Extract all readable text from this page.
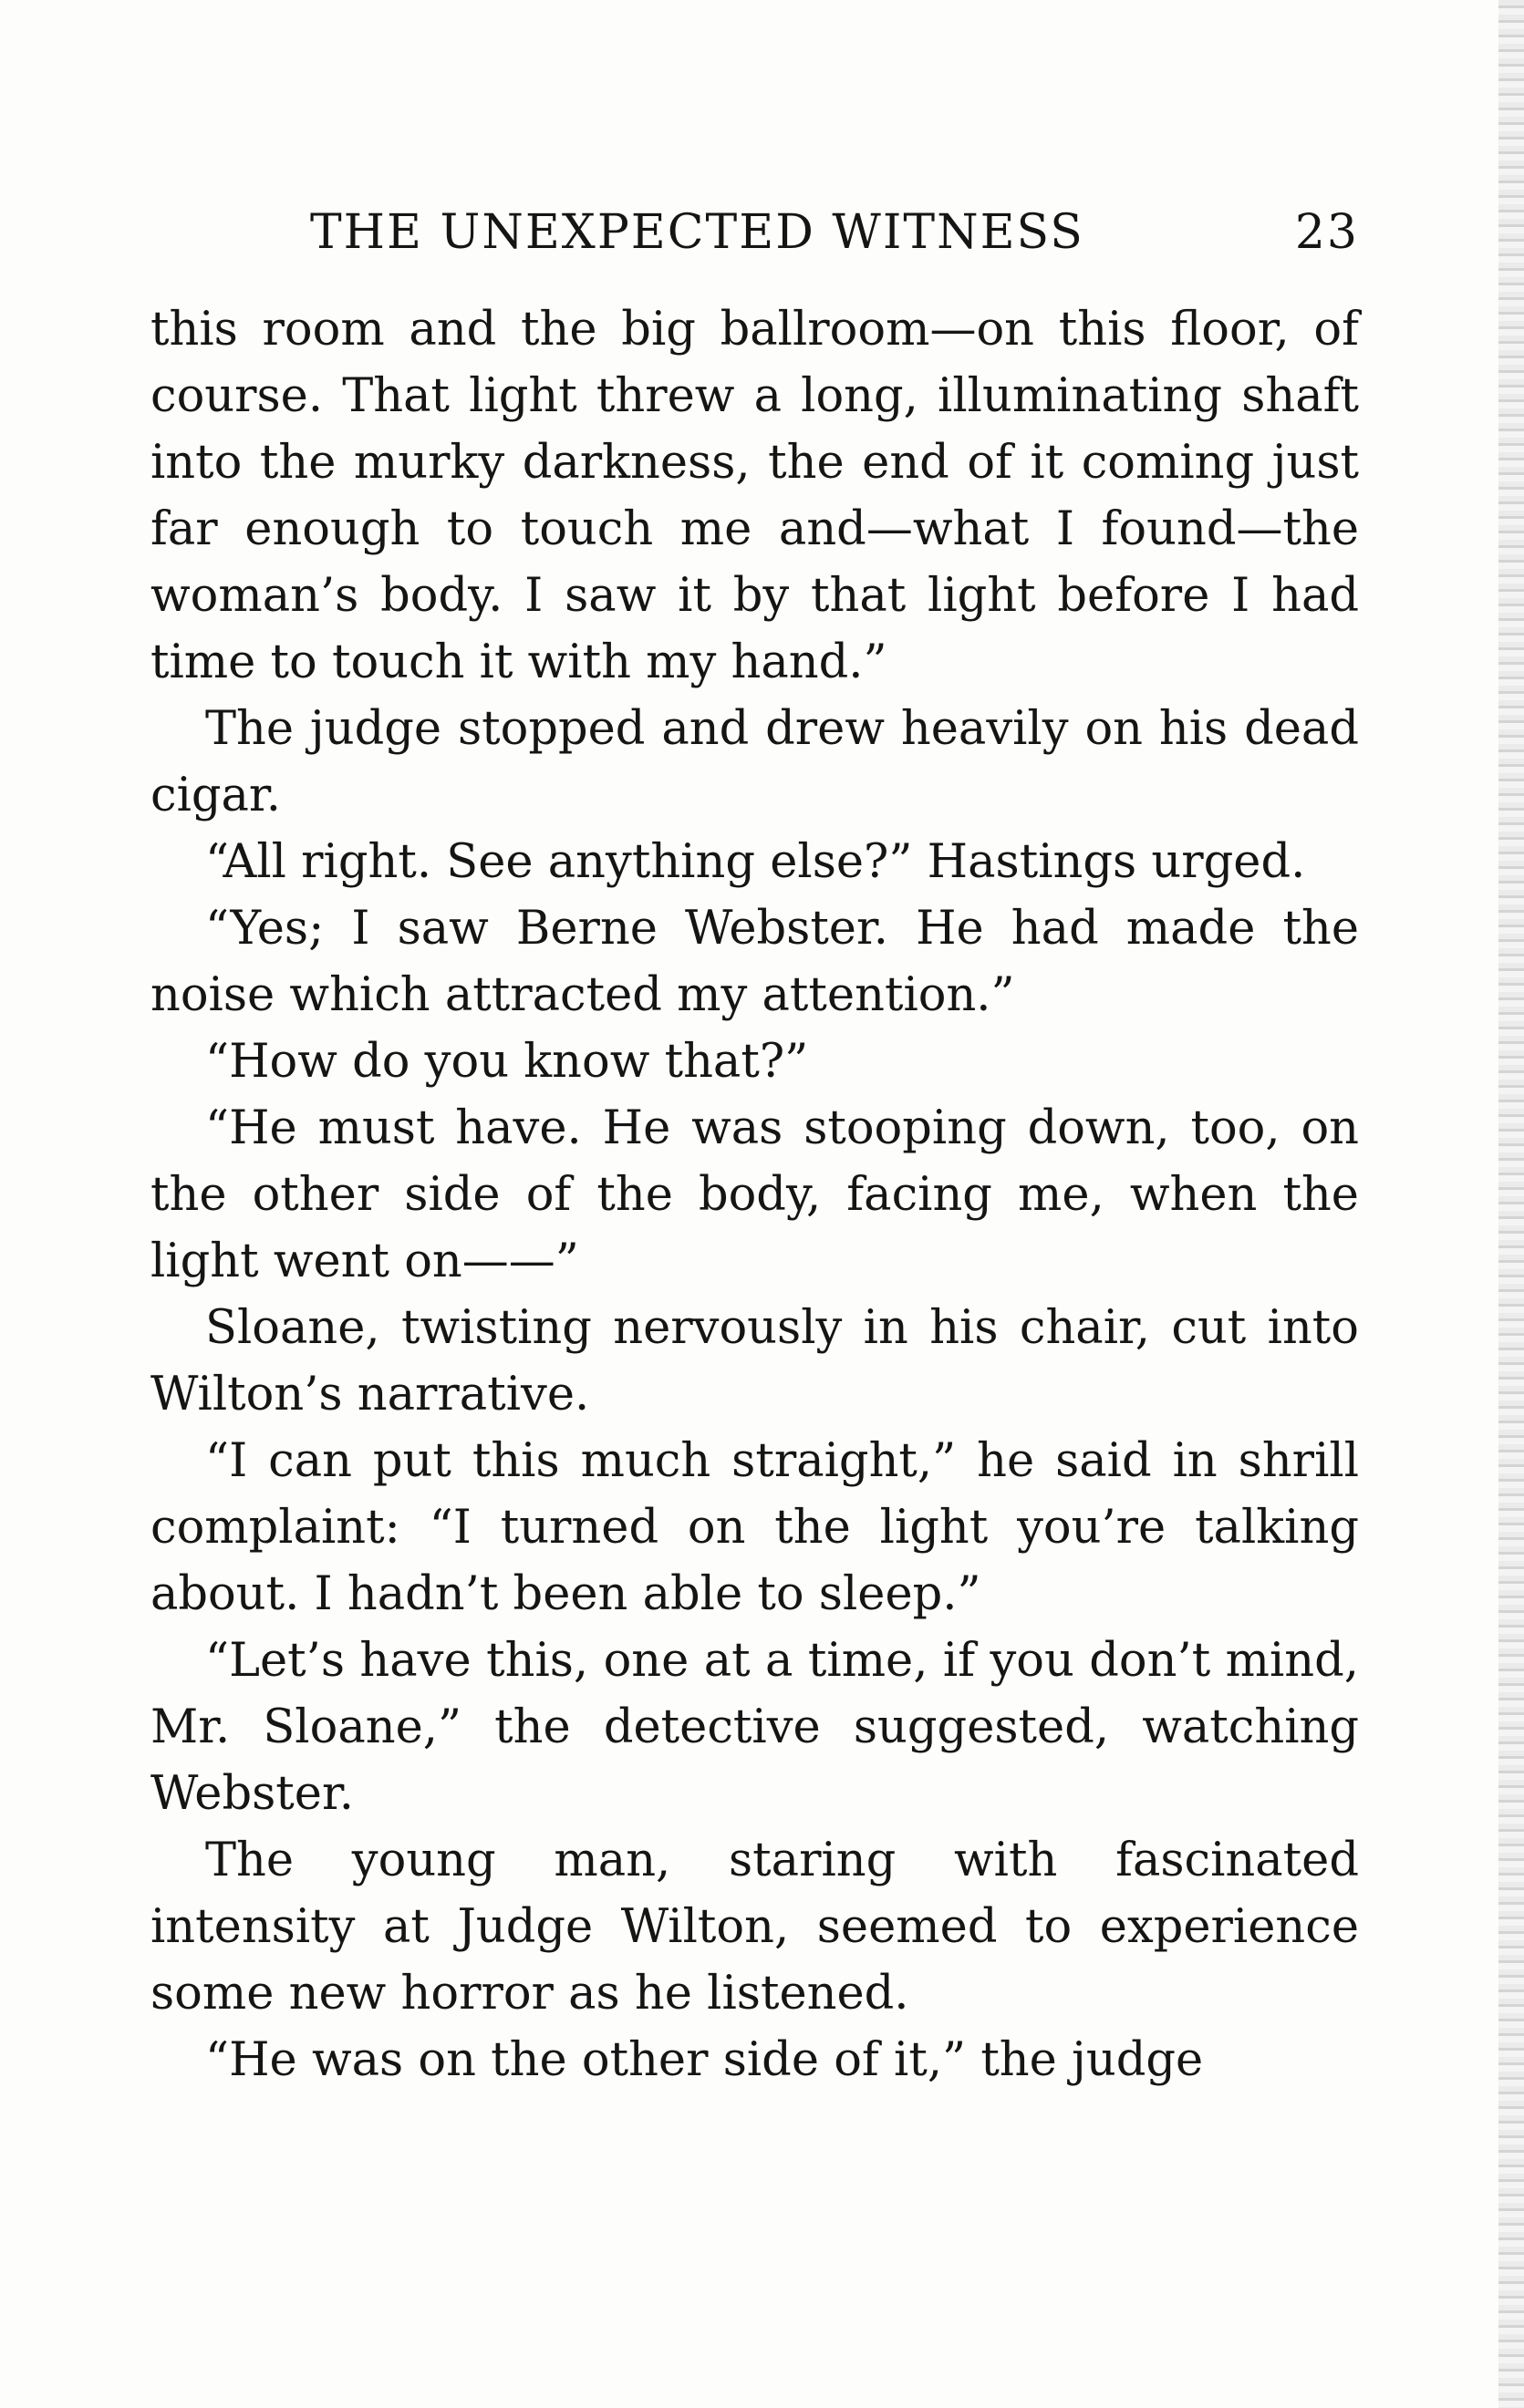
THE UNEXPECTED WITNESS	23

this room and the big ballroom—on this floor, of course. That light threw a long, illuminating shaft into the murky darkness, the end of it coming just far enough to touch me and—what I found—the woman’s body. I saw it by that light before I had time to touch it with my hand.”

The judge stopped and drew heavily on his dead cigar.

“All right. See anything else?” Hastings urged.

“Yes; I saw Berne Webster. He had made the noise which attracted my attention.”

“How do you know that?”

“He must have. He was stooping down, too, on the other side of the body, facing me, when the light went on——”

Sloane, twisting nervously in his chair, cut into Wilton’s narrative.

“I can put this much straight,” he said in shrill complaint: “I turned on the light you’re talking about. I hadn’t been able to sleep.”

“Let’s have this, one at a time, if you don’t mind, Mr. Sloane,” the detective suggested, watching Webster.

The young man, staring with fascinated intensity at Judge Wilton, seemed to experience some new horror as he listened.

“He was on the other side of it,” the judge
